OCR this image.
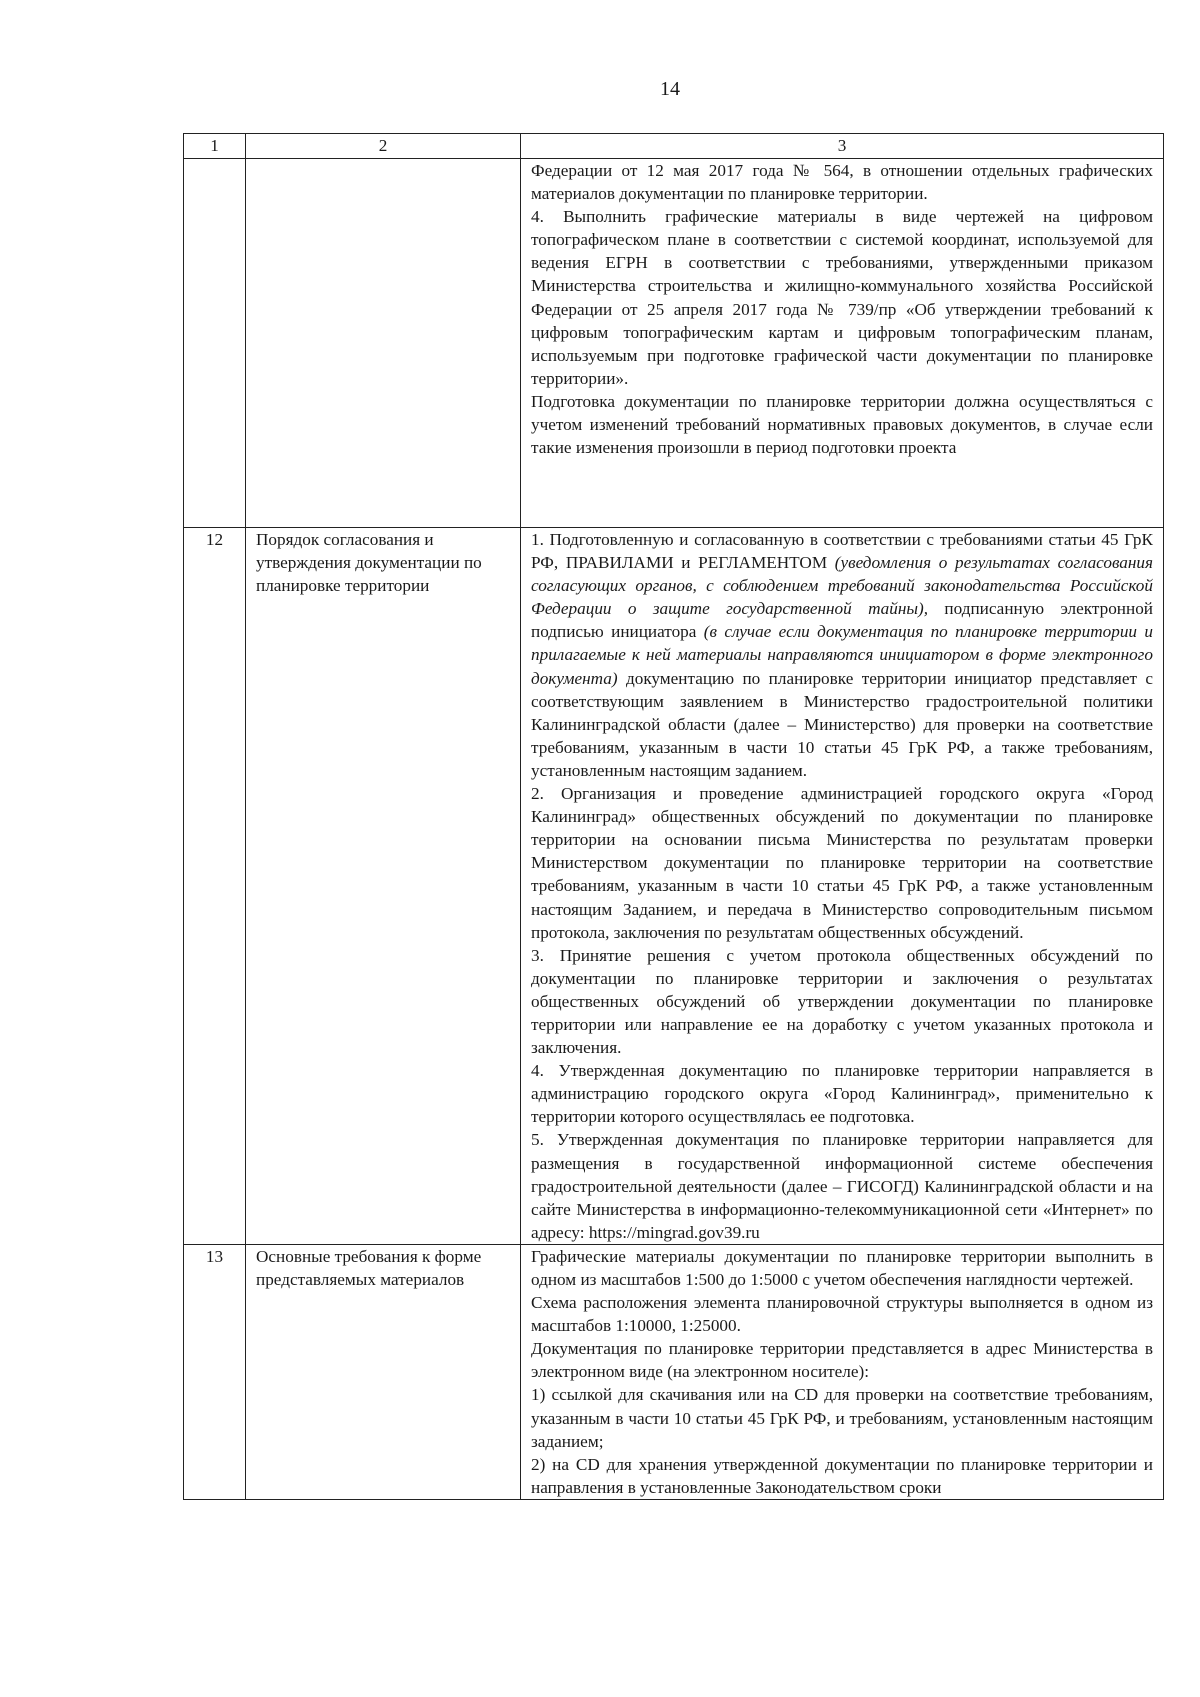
14
1	2	3

		Федерации от 12 мая 2017 года № 564, в отношении отдельных графических материалов документации по планировке территории.

4. Выполнить графические материалы в виде чертежей на цифровом топографическом плане в соответствии с системой координат, используемой для ведения ЕГРН в соответствии с требованиями, утвержденными приказом Министерства строительства и жилищно-коммунального хозяйства Российской Федерации от 25 апреля 2017 года № 739/пр «Об утверждении требований к цифровым топографическим картам и цифровым топографическим планам, используемым при подготовке графической части документации по планировке территории».

Подготовка документации по планировке территории должна осуществляться с учетом изменений требований нормативных правовых документов, в случае если такие изменения произошли в период подготовки проекта

12	Порядок согласования и утверждения документации по планировке территории	1. Подготовленную и согласованную в соответствии с требованиями статьи 45 ГрК РФ, ПРАВИЛАМИ и РЕГЛАМЕНТОМ (уведомления о результатах согласования согласующих органов, с соблюдением требований законодательства Российской Федерации о защите государственной тайны), подписанную электронной подписью инициатора (в случае если документация по планировке территории и прилагаемые к ней материалы направляются инициатором в форме электронного документа) документацию по планировке территории инициатор представляет с соответствующим заявлением в Министерство градостроительной политики Калининградской области (далее – Министерство) для проверки на соответствие требованиям, указанным в части 10 статьи 45 ГрК РФ, а также требованиям, установленным настоящим заданием.

2. Организация и проведение администрацией городского округа «Город Калининград» общественных обсуждений по документации по планировке территории на основании письма Министерства по результатам проверки Министерством документации по планировке территории на соответствие требованиям, указанным в части 10 статьи 45 ГрК РФ, а также установленным настоящим Заданием, и передача в Министерство сопроводительным письмом протокола, заключения по результатам общественных обсуждений.

3. Принятие решения с учетом протокола общественных обсуждений по документации по планировке территории и заключения о результатах общественных обсуждений об утверждении документации по планировке территории или направление ее на доработку с учетом указанных протокола и заключения.

4. Утвержденная документацию по планировке территории направляется в администрацию городского округа «Город Калининград», применительно к территории которого осуществлялась ее подготовка.

5. Утвержденная документация по планировке территории направляется для размещения в государственной информационной системе обеспечения градостроительной деятельности (далее – ГИСОГД) Калининградской области и на сайте Министерства в информационно-телекоммуникационной сети «Интернет» по адресу: https://mingrad.gov39.ru

13	Основные требования к форме представляемых материалов	Графические материалы документации по планировке территории выполнить в одном из масштабов 1:500 до 1:5000 с учетом обеспечения наглядности чертежей.

Схема расположения элемента планировочной структуры выполняется в одном из масштабов 1:10000, 1:25000.

Документация по планировке территории представляется в адрес Министерства в электронном виде (на электронном носителе):

1) ссылкой для скачивания или на CD для проверки на соответствие требованиям, указанным в части 10 статьи 45 ГрК РФ, и требованиям, установленным настоящим заданием;

2) на CD для хранения утвержденной документации по планировке территории и направления в установленные Законодательством сроки
